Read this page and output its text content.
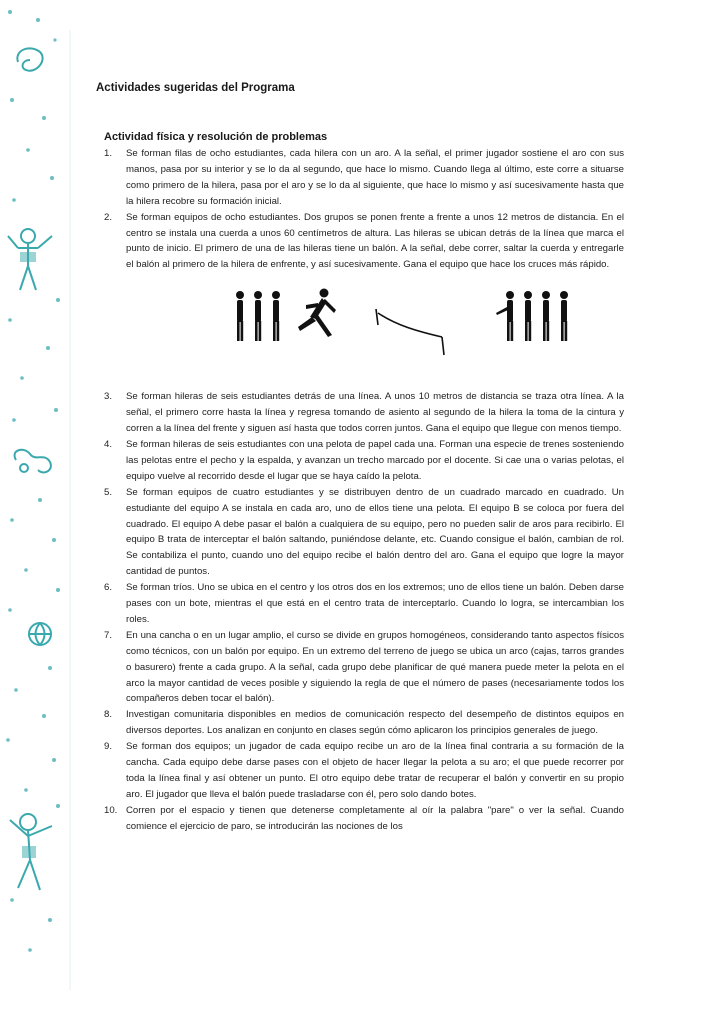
Actividades sugeridas del Programa
Actividad física y resolución de problemas
1. Se forman filas de ocho estudiantes, cada hilera con un aro. A la señal, el primer jugador sostiene el aro con sus manos, pasa por su interior y se lo da al segundo, que hace lo mismo. Cuando llega al último, este corre a situarse como primero de la hilera, pasa por el aro y se lo da al siguiente, que hace lo mismo y así sucesivamente hasta que la hilera recobre su formación inicial.
2. Se forman equipos de ocho estudiantes. Dos grupos se ponen frente a frente a unos 12 metros de distancia. En el centro se instala una cuerda a unos 60 centímetros de altura. Las hileras se ubican detrás de la línea que marca el punto de inicio. El primero de una de las hileras tiene un balón. A la señal, debe correr, saltar la cuerda y entregarle el balón al primero de la hilera de enfrente, y así sucesivamente. Gana el equipo que hace los cruces más rápido.
3. Se forman hileras de seis estudiantes detrás de una línea. A unos 10 metros de distancia se traza otra línea. A la señal, el primero corre hasta la línea y regresa tomando de asiento al segundo de la hilera la toma de la cintura y corren a la línea del frente y siguen así hasta que todos corren juntos. Gana el equipo que llegue con menos tiempo.
4. Se forman hileras de seis estudiantes con una pelota de papel cada una. Forman una especie de trenes sosteniendo las pelotas entre el pecho y la espalda, y avanzan un trecho marcado por el docente. Si cae una o varias pelotas, el equipo vuelve al recorrido desde el lugar que se haya caído la pelota.
5. Se forman equipos de cuatro estudiantes y se distribuyen dentro de un cuadrado marcado en cuadrado. Un estudiante del equipo A se instala en cada aro, uno de ellos tiene una pelota. El equipo B se coloca por fuera del cuadrado. El equipo A debe pasar el balón a cualquiera de su equipo, pero no pueden salir de aros para recibirlo. El equipo B trata de interceptar el balón saltando, puniéndose delante, etc. Cuando consigue el balón, cambian de rol. Se contabiliza el punto, cuando uno del equipo recibe el balón dentro del aro. Gana el equipo que logre la mayor cantidad de puntos.
6. Se forman tríos. Uno se ubica en el centro y los otros dos en los extremos; uno de ellos tiene un balón. Deben darse pases con un bote, mientras el que está en el centro trata de interceptarlo. Cuando lo logra, se intercambian los roles.
7. En una cancha o en un lugar amplio, el curso se divide en grupos homogéneos, considerando tanto aspectos físicos como técnicos, con un balón por equipo. En un extremo del terreno de juego se ubica un arco (cajas, tarros grandes o basurero) frente a cada grupo. A la señal, cada grupo debe planificar de qué manera puede meter la pelota en el arco la mayor cantidad de veces posible y siguiendo la regla de que el número de pases (necesariamente todos los compañeros deben tocar el balón).
8. Investigan comunitaria disponibles en medios de comunicación respecto del desempeño de distintos equipos en diversos deportes. Los analizan en conjunto en clases según cómo aplicaron los principios generales de juego.
9. Se forman dos equipos; un jugador de cada equipo recibe un aro de la línea final contraria a su formación de la cancha. Cada equipo debe darse pases con el objeto de hacer llegar la pelota a su aro; el que puede recorrer por toda la línea final y así obtener un punto. El otro equipo debe tratar de recuperar el balón y convertir en su propio aro. El jugador que lleva el balón puede trasladarse con él, pero solo dando botes.
10. Corren por el espacio y tienen que detenerse completamente al oír la palabra "pare" o ver la señal. Cuando comience el ejercicio de paro, se introducirán las nociones de los
